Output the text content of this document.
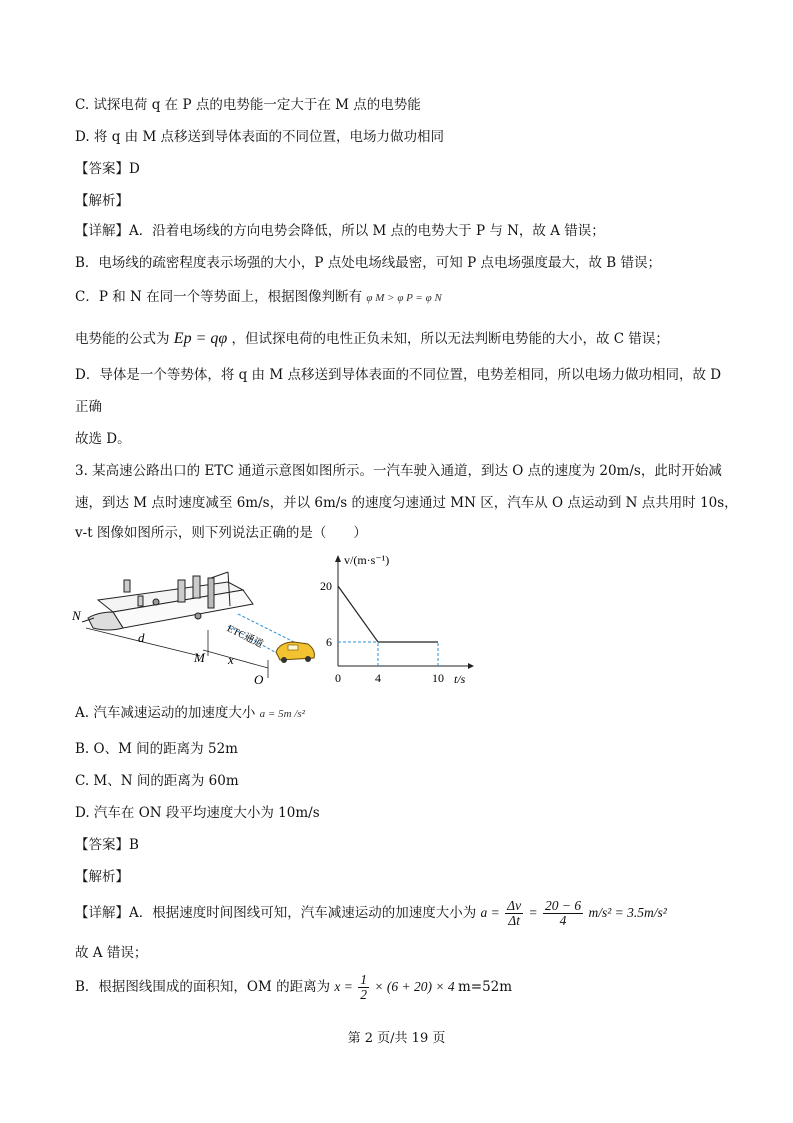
C. 试探电荷 q 在 P 点的电势能一定大于在 M 点的电势能
D. 将 q 由 M 点移送到导体表面的不同位置，电场力做功相同
【答案】D
【解析】
【详解】A．沿着电场线的方向电势会降低，所以 M 点的电势大于 P 与 N，故 A 错误；
B．电场线的疏密程度表示场强的大小，P 点处电场线最密，可知 P 点电场强度最大，故 B 错误；
C．P 和 N 在同一个等势面上，根据图像判断有 φ M > φ P = φ N
电势能的公式为 Ep = qφ ，但试探电荷的电性正负未知，所以无法判断电势能的大小，故 C 错误；
D．导体是一个等势体，将 q 由 M 点移送到导体表面的不同位置，电势差相同，所以电场力做功相同，故 D
正确
故选 D。
3. 某高速公路出口的 ETC 通道示意图如图所示。一汽车驶入通道，到达 O 点的速度为 20m/s，此时开始减
速，到达 M 点时速度减至 6m/s，并以 6m/s 的速度匀速通过 MN 区，汽车从 O 点运动到 N 点共用时 10s，
v-t 图像如图所示，则下列说法正确的是（　　）
N
d
M x
O
ETC通道
v/(m·s⁻¹)
t/s
0	4	10
20
6
A. 汽车减速运动的加速度大小 a = 5m /s²
B. O、M 间的距离为 52m
C. M、N 间的距离为 60m
D. 汽车在 ON 段平均速度大小为 10m/s
【答案】B
【解析】
【详解】A．根据速度时间图线可知，汽车减速运动的加速度大小为 $a = \frac{\Delta v}{\Delta t} = \frac{20 - 6}{4} m/s^2 = 3.5m/s^2$
故 A 错误；
B．根据图线围成的面积知，OM 的距离为 $x = \frac{1}{2} \times (6 + 20) \times 4$ m=52m
第 2 页/共 19 页
